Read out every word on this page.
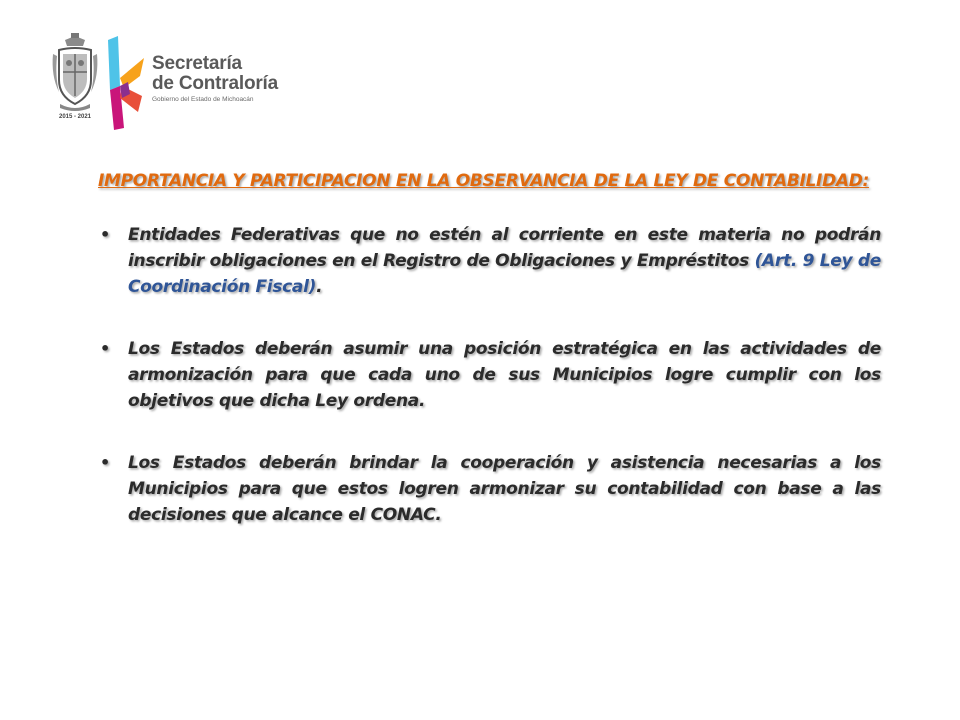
2015 - 2021
Secretaría
de Contraloría
Gobierno del Estado de Michoacán

IMPORTANCIA Y PARTICIPACION EN LA OBSERVANCIA DE LA LEY DE CONTABILIDAD:

• Entidades Federativas que no estén al corriente en este materia no podrán inscribir obligaciones en el Registro de Obligaciones y Empréstitos (Art. 9 Ley de Coordinación Fiscal).
• Los Estados deberán asumir una posición estratégica en las actividades de armonización para que cada uno de sus Municipios logre cumplir con los objetivos que dicha Ley ordena.
• Los Estados deberán brindar la cooperación y asistencia necesarias a los Municipios para que estos logren armonizar su contabilidad con base a las decisiones que alcance el CONAC.
